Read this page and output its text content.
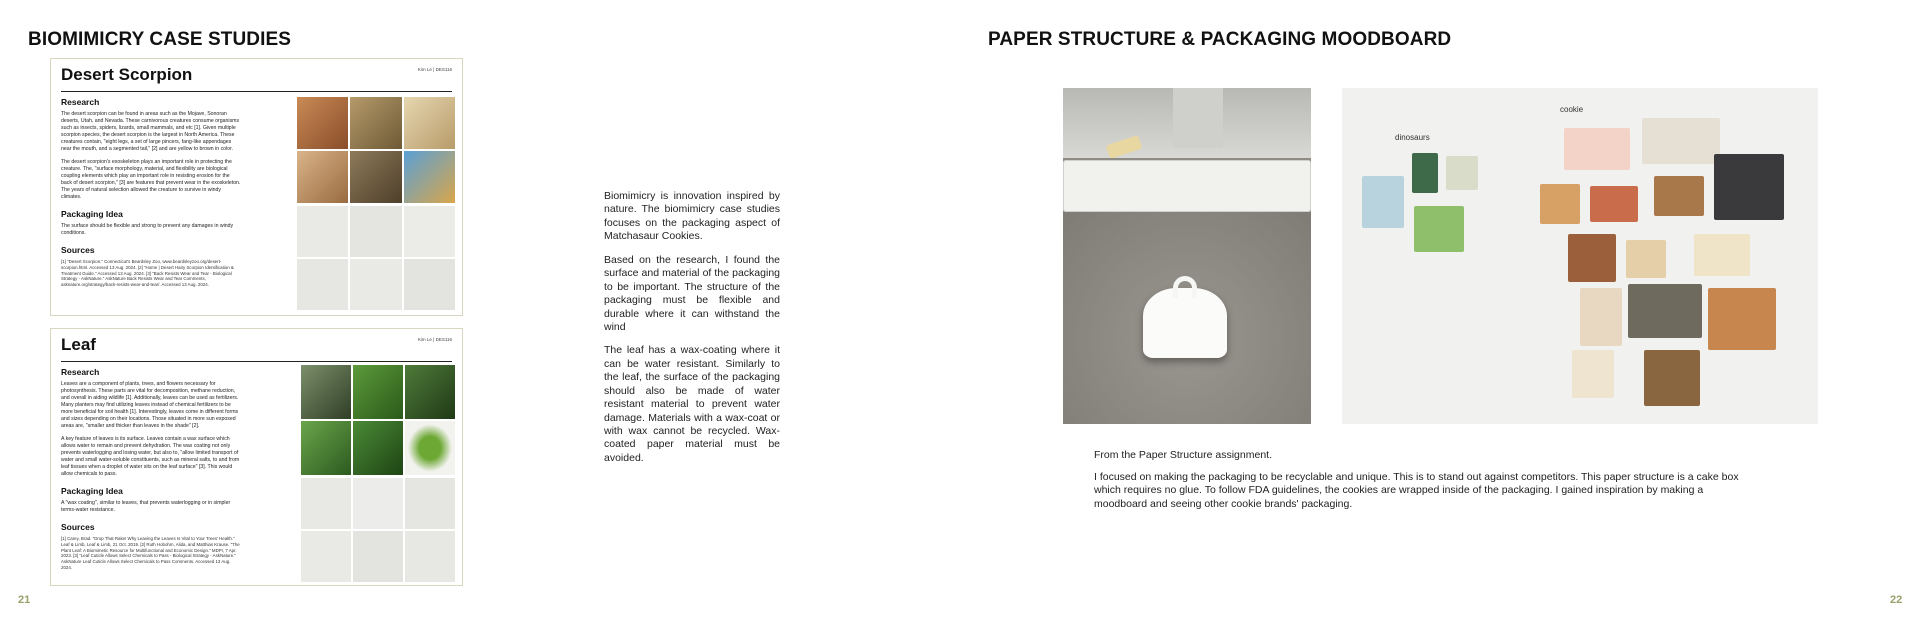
BIOMIMICRY CASE STUDIES
Desert Scorpion	Kim Le | DES116
Research

The desert scorpion can be found in areas such as the Mojave, Sonoran deserts, Utah, and Nevada. These carnivorous creatures consume organisms such as insects, spiders, lizards, small mammals, and etc [1]. Given multiple scorpion species, the desert scorpion is the largest in North America. These creatures contain, "eight legs, a set of large pincers, fang-like appendages near the mouth, and a segmented tail," [2] and are yellow to brown in color.

The desert scorpion's exoskeleton plays an important role in protecting the creature. The, "surface morphology, material, and flexibility are biological coupling elements which play an important role in resisting erosion for the back of desert scorpion," [3] are features that prevent wear in the exoskeleton. The years of natural selection allowed the creature to survive in windy climates.

Packaging Idea

The surface should be flexible and strong to prevent any damages in windy conditions.

Sources

[1] "Desert Scorpion." Connecticut's Beardsley Zoo, www.beardsleyzoo.org/desert-scorpion.html. Accessed 13 Aug. 2024. [2] "Home | Desert Hairy Scorpion Identification & Treatment Guide." Accessed 13 Aug. 2024. [3] "Back Resists Wear and Tear - Biological Strategy - AskNature." AskNature Back Resists Wear and Tear Comments, asknature.org/strategy/back-resists-wear-and-tear/. Accessed 13 Aug. 2024.

Leaf	Kim Le | DES116
Research

Leaves are a component of plants, trees, and flowers necessary for photosynthesis. These parts are vital for decomposition, methane reduction, and overall in aiding wildlife [1]. Additionally, leaves can be used as fertilizers. Many planters may find utilizing leaves instead of chemical fertilizers to be more beneficial for soil health [1]. Interestingly, leaves come in different forms and sizes depending on their locations. Those situated in more sun exposed areas are, "smaller and thicker than leaves in the shade" [2].

A key feature of leaves is its surface. Leaves contain a wax surface which allows water to remain and prevent dehydration. The wax coating not only prevents waterlogging and losing water, but also to, "allow limited transport of water and small water-soluble constituents, such as mineral salts, to and from leaf tissues when a droplet of water sits on the leaf surface" [3]. This would allow chemicals to pass.

Packaging Idea

A "wax coating", similar to leaves, that prevents waterlogging or in simpler terms-water resistance.

Sources

[1] Carey, Brad. "Drop That Rake! Why Leaving the Leaves Is Vital to Your Trees' Health." Leaf & Limb, Leaf & Limb, 21 Oct. 2019. [2] Ruth Hobohm, Alida, and Matthias Krause. "The Plant Leaf: A Biomimetic Resource for Multifunctional and Economic Design." MDPI, 7 Apr. 2023. [3] "Leaf Cuticle Allows Select Chemicals to Pass - Biological Strategy - AskNature." AskNature Leaf Cuticle Allows Select Chemicals to Pass Comments. Accessed 13 Aug. 2024.

Biomimicry is innovation inspired by nature. The biomimicry case studies focuses on the packaging aspect of Matchasaur Cookies.

Based on the research, I found the surface and material of the packaging to be important. The structure of the packaging must be flexible and durable where it can withstand the wind

The leaf has a wax-coating where it can be water resistant. Similarly to the leaf, the surface of the packaging should also be made of water resistant material to prevent water damage. Materials with a wax-coat or with wax cannot be recycled. Wax-coated paper material must be avoided.

21
PAPER STRUCTURE & PACKAGING MOODBOARD
cookie
dinosaurs

From the Paper Structure assignment.

I focused on making the packaging to be recyclable and unique. This is to stand out against competitors. This paper structure is a cake box which requires no glue. To follow FDA guidelines, the cookies are wrapped inside of the packaging. I gained inspiration by making a moodboard and seeing other cookie brands' packaging.

22
